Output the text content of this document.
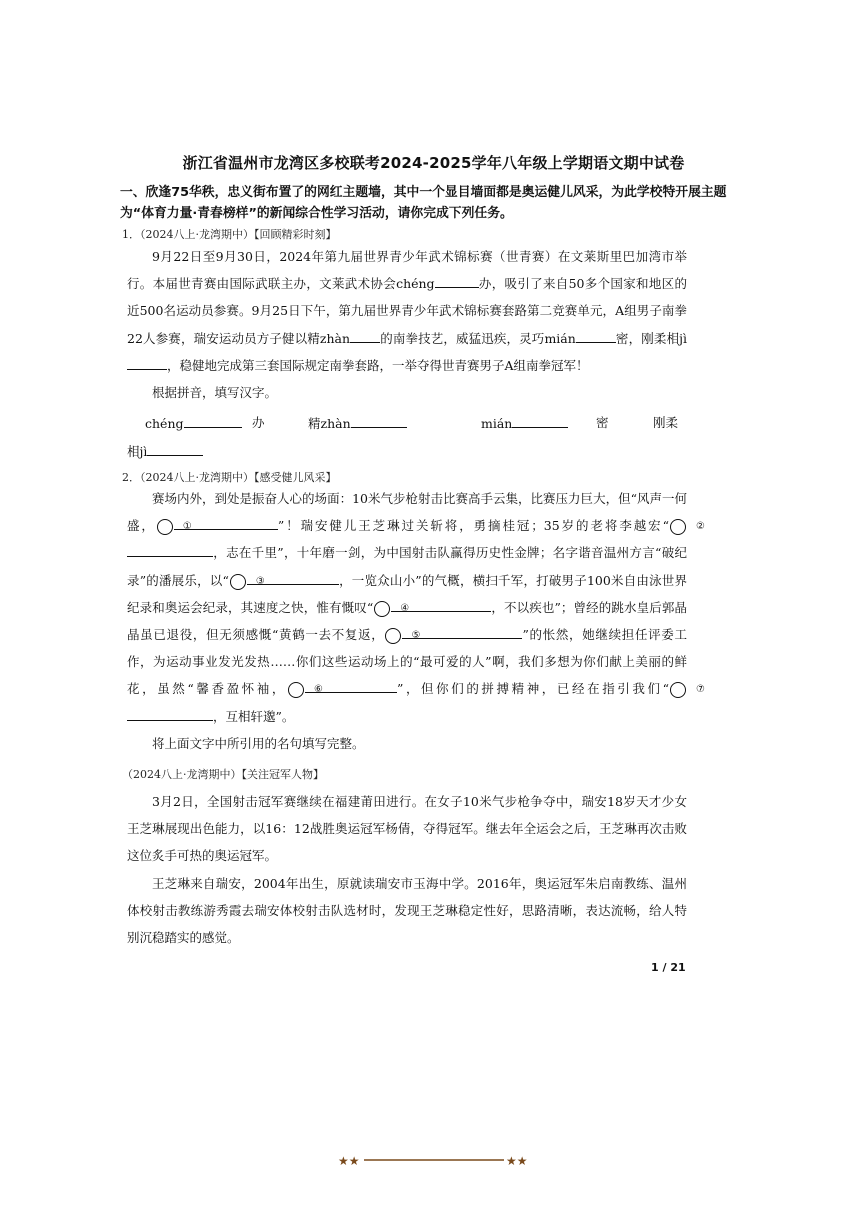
浙江省温州市龙湾区多校联考2024-2025学年八年级上学期语文期中试卷
一、欣逢75华秩，忠义街布置了的网红主题墙，其中一个显目墙面都是奥运健儿风采，为此学校特开展主题为“体育力量·青春榜样”的新闻综合性学习活动，请你完成下列任务。
1．（2024八上·龙湾期中）【回顾精彩时刻】

9月22日至9月30日，2024年第九届世界青少年武术锦标赛（世青赛）在文莱斯里巴加湾市举行。本届世青赛由国际武联主办，文莱武术协会chéng	办，吸引了来自50多个国家和地区的近500名运动员参赛。9月25日下午，第九届世界青少年武术锦标赛套路第二竞赛单元，A组男子南拳22人参赛，瑞安运动员方子健以精zhàn 的南拳技艺，威猛迅疾，灵巧mián	密，刚柔相jì，稳健地完成第三套国际规定南拳套路，一举夺得世青赛男子A组南拳冠军！

根据拼音，填写汉字。

chéng	办	精zhàn	mián	密	刚柔
相jì
2．（2024八上·龙湾期中）【感受健儿风采】

赛场内外，到处是振奋人心的场面：10米气步枪射击比赛高手云集，比赛压力巨大，但“风声一何盛，	①	”！瑞安健儿王芝琳过关斩将，勇摘桂冠；35岁的老将李越宏“	②，志在千里”，十年磨一剑，为中国射击队赢得历史性金牌；名字谐音温州方言“破纪录”的潘展乐，以“	③	，一览众山小”的气概，横扫千军，打破男子100米自由泳世界纪录和奥运会纪录，其速度之快，惟有慨叹“	④	，不以疾也”；曾经的跳水皇后郭晶晶虽已退役，但无须感慨“黄鹤一去不复返，	⑤	”的怅然，她继续担任评委工作，为运动事业发光发热……你们这些运动场上的“最可爱的人”啊，我们多想为你们献上美丽的鲜花，虽然“馨香盈怀袖，	⑥	”，但你们的拼搏精神，已经在指引我们“	⑦，互相轩邈”。

将上面文字中所引用的名句填写完整。

（2024八上·龙湾期中）【关注冠军人物】

3月2日，全国射击冠军赛继续在福建莆田进行。在女子10米气步枪争夺中，瑞安18岁天才少女王芝琳展现出色能力，以16：12战胜奥运冠军杨倩，夺得冠军。继去年全运会之后，王芝琳再次击败这位炙手可热的奥运冠军。

王芝琳来自瑞安，2004年出生，原就读瑞安市玉海中学。2016年，奥运冠军朱启南教练、温州体校射击教练游秀霞去瑞安体校射击队选材时，发现王芝琳稳定性好，思路清晰，表达流畅，给人特别沉稳踏实的感觉。

1 / 21
★★	★★
